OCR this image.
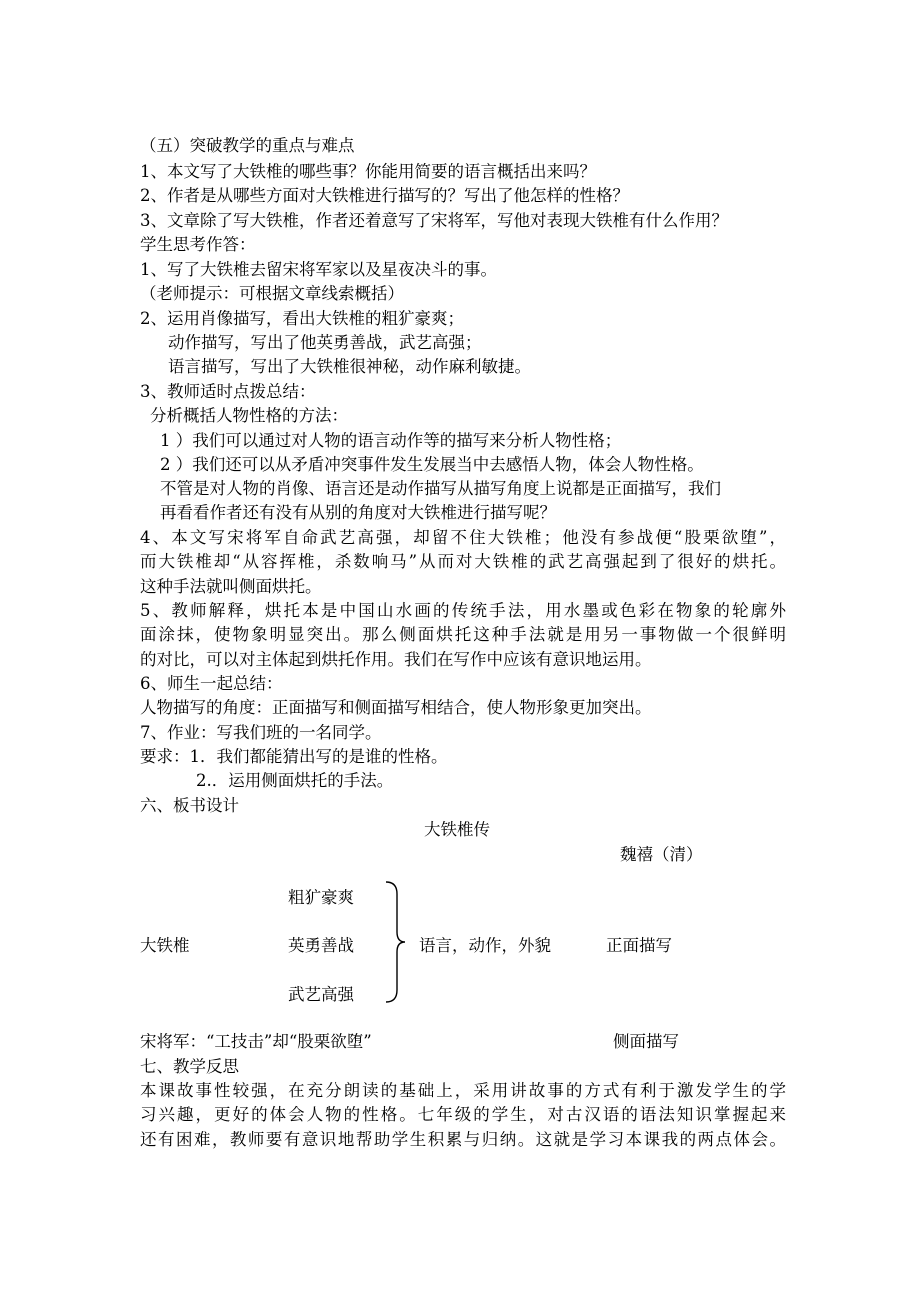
（五）突破教学的重点与难点
1、本文写了大铁椎的哪些事？你能用简要的语言概括出来吗？
2、作者是从哪些方面对大铁椎进行描写的？写出了他怎样的性格？
3、文章除了写大铁椎，作者还着意写了宋将军，写他对表现大铁椎有什么作用？
学生思考作答：
1、写了大铁椎去留宋将军家以及星夜决斗的事。
（老师提示：可根据文章线索概括）
2、运用肖像描写，看出大铁椎的粗犷豪爽；
动作描写，写出了他英勇善战，武艺高强；
语言描写，写出了大铁椎很神秘，动作麻利敏捷。
3、教师适时点拨总结：
分析概括人物性格的方法：
1 ）我们可以通过对人物的语言动作等的描写来分析人物性格；
2 ）我们还可以从矛盾冲突事件发生发展当中去感悟人物，体会人物性格。
不管是对人物的肖像、语言还是动作描写从描写角度上说都是正面描写，我们
再看看作者还有没有从别的角度对大铁椎进行描写呢？
4、本文写宋将军自命武艺高强，却留不住大铁椎；他没有参战便“股栗欲堕”，
而大铁椎却“从容挥椎，杀数响马”从而对大铁椎的武艺高强起到了很好的烘托。
这种手法就叫侧面烘托。
5、教师解释，烘托本是中国山水画的传统手法，用水墨或色彩在物象的轮廓外
面涂抹，使物象明显突出。那么侧面烘托这种手法就是用另一事物做一个很鲜明
的对比，可以对主体起到烘托作用。我们在写作中应该有意识地运用。
6、师生一起总结：
人物描写的角度：正面描写和侧面描写相结合，使人物形象更加突出。
7、作业：写我们班的一名同学。
要求：1．我们都能猜出写的是谁的性格。
2.．运用侧面烘托的手法。
六、板书设计
大铁椎传
魏禧（清）
粗犷豪爽
大铁椎	英勇善战	语言，动作，外貌	正面描写
武艺高强
宋将军：“工技击”却“股栗欲堕”	侧面描写
七、教学反思
本课故事性较强，在充分朗读的基础上，采用讲故事的方式有利于激发学生的学
习兴趣，更好的体会人物的性格。七年级的学生，对古汉语的语法知识掌握起来
还有困难，教师要有意识地帮助学生积累与归纳。这就是学习本课我的两点体会。
